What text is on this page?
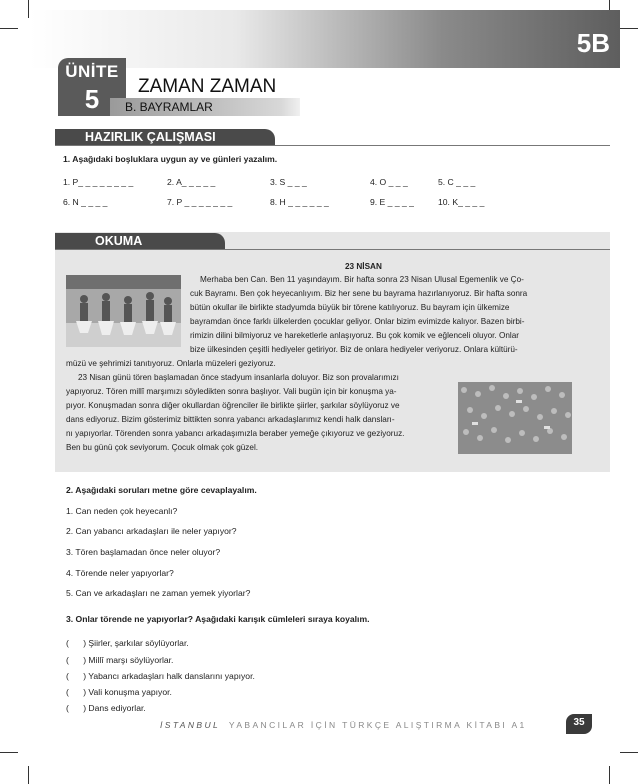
5B
ÜNİTE
5	ZAMAN ZAMAN
B. BAYRAMLAR
HAZIRLIK ÇALIŞMASI
1. Aşağıdaki boşluklara uygun ay ve günleri yazalım.
1. P_ _ _ _ _ _ _ _	2. A_ _ _ _ _	3. S _ _ _	4. O _ _ _	5. C _ _ _
6. N _ _ _ _	7. P _ _ _ _ _ _ _	8. H _ _ _ _ _ _	9. E _ _ _ _	10. K_ _ _ _
OKUMA
23 NİSAN
Merhaba ben Can. Ben 11 yaşındayım. Bir hafta sonra 23 Nisan Ulusal Egemenlik ve Ço-
cuk Bayramı. Ben çok heyecanlıyım. Biz her sene bu bayrama hazırlanıyoruz. Bir hafta sonra
bütün okullar ile birlikte stadyumda büyük bir törene katılıyoruz. Bu bayram için ülkemize
bayramdan önce farklı ülkelerden çocuklar geliyor. Onlar bizim evimizde kalıyor. Bazen birbi-
rimizin dilini bilmiyoruz ve hareketlerle anlaşıyoruz. Bu çok komik ve eğlenceli oluyor. Onlar
bize ülkesinden çeşitli hediyeler getiriyor. Biz de onlara hediyeler veriyoruz. Onlara kültürü-
müzü ve şehrimizi tanıtıyoruz. Onlarla müzeleri geziyoruz.
23 Nisan günü tören başlamadan önce stadyum insanlarla doluyor. Biz son provalarımızı
yapıyoruz. Tören millî marşımızı söyledikten sonra başlıyor. Vali bugün için bir konuşma ya-
pıyor. Konuşmadan sonra diğer okullardan öğrenciler ile birlikte şiirler, şarkılar söylüyoruz ve
dans ediyoruz. Bizim gösterimiz bittikten sonra yabancı arkadaşlarımız kendi halk dansları-
nı yapıyorlar. Törenden sonra yabancı arkadaşımızla beraber yemeğe çıkıyoruz ve geziyoruz.
Ben bu günü çok seviyorum. Çocuk olmak çok güzel.
2. Aşağıdaki soruları metne göre cevaplayalım.
1. Can neden çok heyecanlı?
2. Can yabancı arkadaşları ile neler yapıyor?
3. Tören başlamadan önce neler oluyor?
4. Törende neler yapıyorlar?
5. Can ve arkadaşları ne zaman yemek yiyorlar?
3. Onlar törende ne yapıyorlar? Aşağıdaki karışık cümleleri sıraya koyalım.
(      ) Şiirler, şarkılar söylüyorlar.
(      ) Millî marşı söylüyorlar.
(      ) Yabancı arkadaşları halk danslarını yapıyor.
(      ) Vali konuşma yapıyor.
(      ) Dans ediyorlar.
İSTANBUL YABANCILAR İÇİN TÜRKÇE ALIŞTIRMA KİTABI A1	35
